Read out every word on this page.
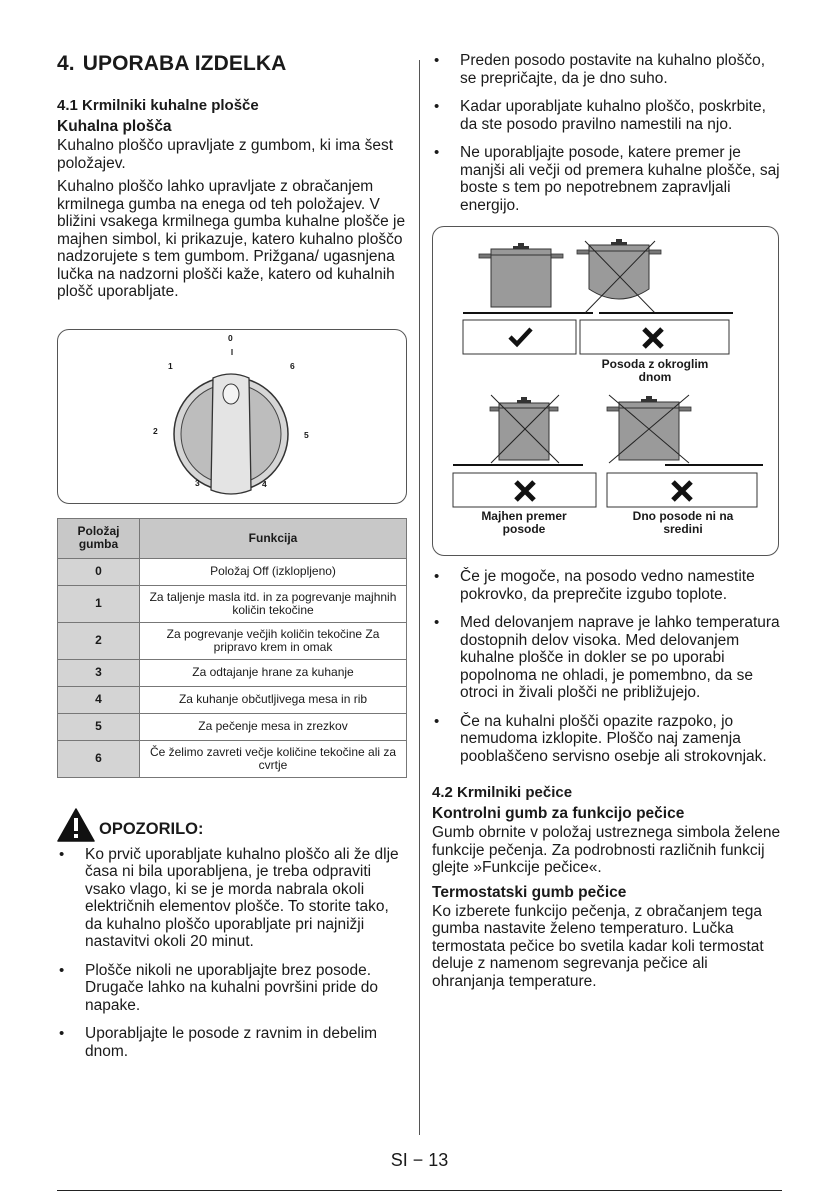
4. UPORABA IZDELKA
4.1 Krmilniki kuhalne plošče
Kuhalna plošča
Kuhalno ploščo upravljate z gumbom, ki ima šest položajev.
Kuhalno ploščo lahko upravljate z obračanjem krmilnega gumba na enega od teh položajev. V bližini vsakega krmilnega gumba kuhalne plošče je majhen simbol, ki prikazuje, katero kuhalno ploščo nadzorujete s tem gumbom. Prižgana/ ugasnjena lučka na nadzorni plošči kaže, katero od kuhalnih plošč uporabljate.
0
1
2
3	4
5
6
Položaj gumba	Funkcija
0	Položaj Off (izklopljeno)
1	Za taljenje masla itd. in za pogrevanje majhnih količin tekočine
2	Za pogrevanje večjih količin tekočine Za pripravo krem in omak
3	Za odtajanje hrane za kuhanje
4	Za kuhanje občutljivega mesa in rib
5	Za pečenje mesa in zrezkov
6	Če želimo zavreti večje količine tekočine ali za cvrtje
OPOZORILO:
• Ko prvič uporabljate kuhalno ploščo ali že dlje časa ni bila uporabljena, je treba odpraviti vsako vlago, ki se je morda nabrala okoli električnih elementov plošče. To storite tako, da kuhalno ploščo uporabljate pri najnižji nastavitvi okoli 20 minut.
• Plošče nikoli ne uporabljajte brez posode. Drugače lahko na kuhalni površini pride do napake.
• Uporabljajte le posode z ravnim in debelim dnom.
• Preden posodo postavite na kuhalno ploščo, se prepričajte, da je dno suho.
• Kadar uporabljate kuhalno ploščo, poskrbite, da ste posodo pravilno namestili na njo.
• Ne uporabljajte posode, katere premer je manjši ali večji od premera kuhalne plošče, saj boste s tem po nepotrebnem zapravljali energijo.
Posoda z okroglim dnom
Majhen premer posode
Dno posode ni na sredini
• Če je mogoče, na posodo vedno namestite pokrovko, da preprečite izgubo toplote.
• Med delovanjem naprave je lahko temperatura dostopnih delov visoka. Med delovanjem kuhalne plošče in dokler se po uporabi popolnoma ne ohladi, je pomembno, da se otroci in živali plošči ne približujejo.
• Če na kuhalni plošči opazite razpoko, jo nemudoma izklopite. Ploščo naj zamenja pooblaščeno servisno osebje ali strokovnjak.
4.2 Krmilniki pečice
Kontrolni gumb za funkcijo pečice
Gumb obrnite v položaj ustreznega simbola želene funkcije pečenja. Za podrobnosti različnih funkcij glejte »Funkcije pečice«.
Termostatski gumb pečice
Ko izberete funkcijo pečenja, z obračanjem tega gumba nastavite želeno temperaturo. Lučka termostata pečice bo svetila kadar koli termostat deluje z namenom segrevanja pečice ali ohranjanja temperature.
SI − 13
